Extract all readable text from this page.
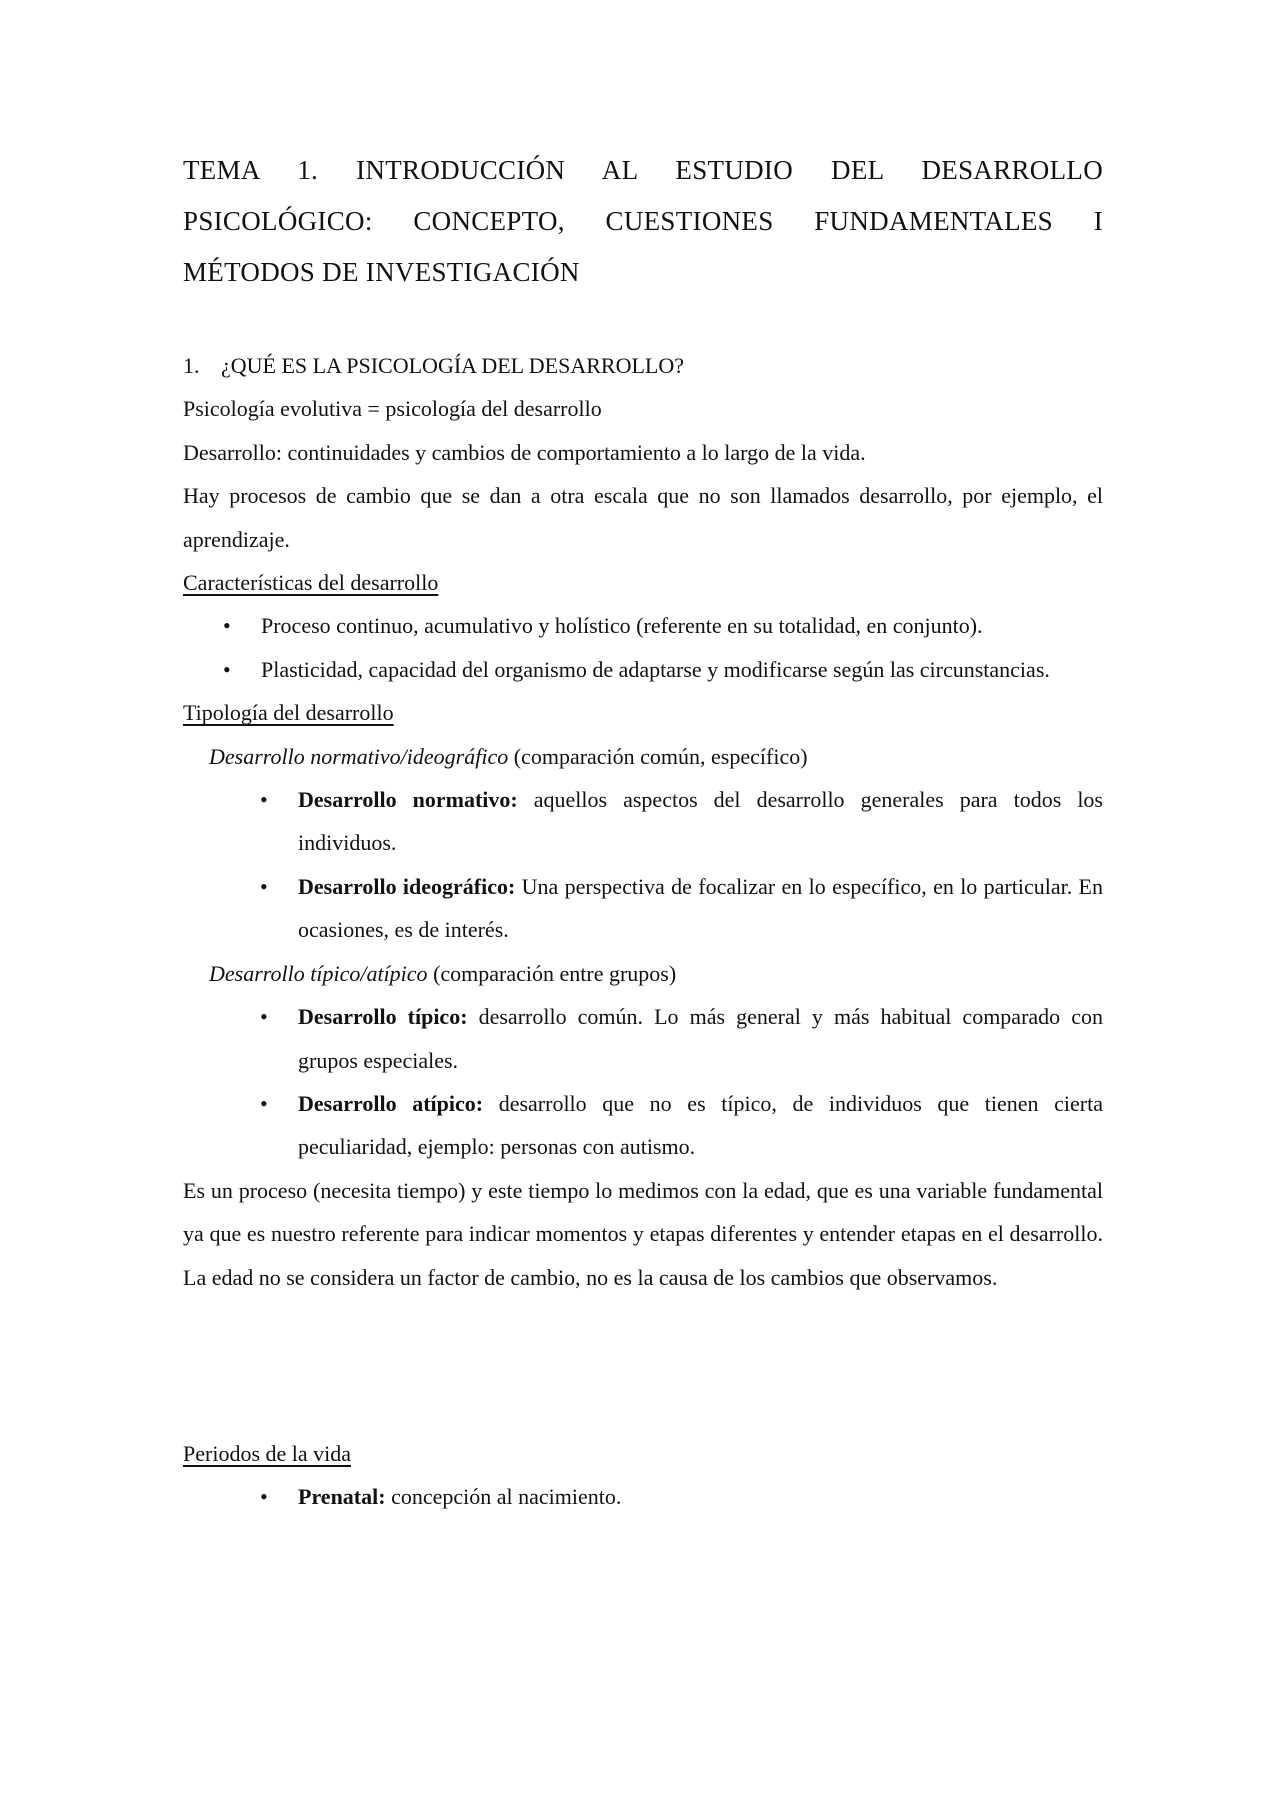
TEMA 1. INTRODUCCIÓN AL ESTUDIO DEL DESARROLLO PSICOLÓGICO: CONCEPTO, CUESTIONES FUNDAMENTALES I MÉTODOS DE INVESTIGACIÓN
1. ¿QUÉ ES LA PSICOLOGÍA DEL DESARROLLO?

Psicología evolutiva = psicología del desarrollo

Desarrollo: continuidades y cambios de comportamiento a lo largo de la vida.

Hay procesos de cambio que se dan a otra escala que no son llamados desarrollo, por ejemplo, el aprendizaje.

Características del desarrollo

• Proceso continuo, acumulativo y holístico (referente en su totalidad, en conjunto).
• Plasticidad, capacidad del organismo de adaptarse y modificarse según las circunstancias.

Tipología del desarrollo

Desarrollo normativo/ideográfico (comparación común, específico)

• Desarrollo normativo: aquellos aspectos del desarrollo generales para todos los individuos.
• Desarrollo ideográfico: Una perspectiva de focalizar en lo específico, en lo particular. En ocasiones, es de interés.

Desarrollo típico/atípico (comparación entre grupos)

• Desarrollo típico: desarrollo común. Lo más general y más habitual comparado con grupos especiales.
• Desarrollo atípico: desarrollo que no es típico, de individuos que tienen cierta peculiaridad, ejemplo: personas con autismo.

Es un proceso (necesita tiempo) y este tiempo lo medimos con la edad, que es una variable fundamental ya que es nuestro referente para indicar momentos y etapas diferentes y entender etapas en el desarrollo. La edad no se considera un factor de cambio, no es la causa de los cambios que observamos.

Periodos de la vida

• Prenatal: concepción al nacimiento.
